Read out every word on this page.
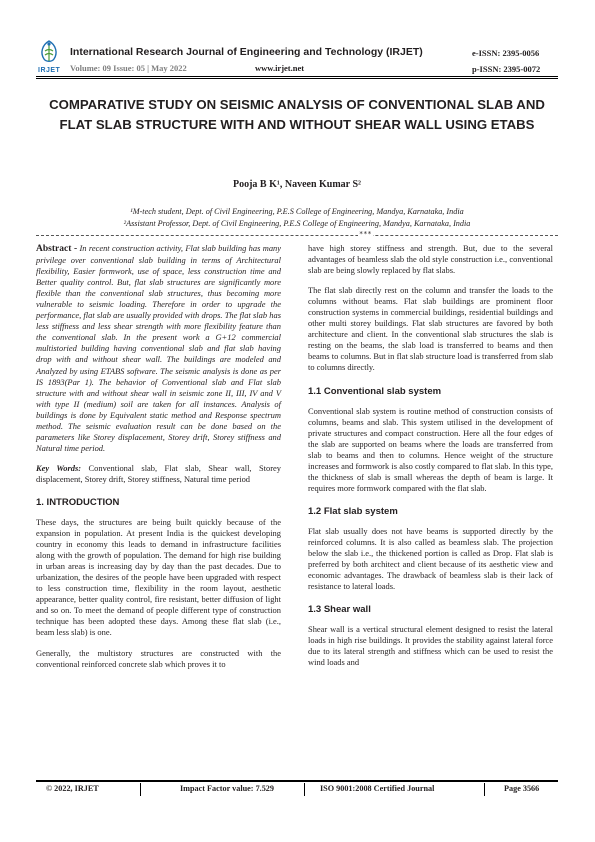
IRJET
International Research Journal of Engineering and Technology (IRJET)
Volume: 09 Issue: 05 | May 2022	www.irjet.net
e-ISSN: 2395-0056
p-ISSN: 2395-0072
COMPARATIVE STUDY ON SEISMIC ANALYSIS OF CONVENTIONAL SLAB AND FLAT SLAB STRUCTURE WITH AND WITHOUT SHEAR WALL USING ETABS
Pooja B K¹, Naveen Kumar S²
¹M-tech student, Dept. of Civil Engineering, P.E.S College of Engineering, Mandya, Karnataka, India
²Assistant Professor, Dept. of Civil Engineering, P.E.S College of Engineering, Mandya, Karnataka, India
***

Abstract - In recent construction activity, Flat slab building has many privilege over conventional slab building in terms of Architectural flexibility, Easier formwork, use of space, less construction time and Better quality control. But, flat slab structures are significantly more flexible than the conventional slab structures, thus becoming more vulnerable to seismic loading. Therefore in order to upgrade the performance, flat slab are usually provided with drops. The flat slab has less stiffness and less shear strength with more flexibility feature than the conventional slab. In the present work a G+12 commercial multistoried building having conventional slab and flat slab having drop with and without shear wall. The buildings are modeled and Analyzed by using ETABS software. The seismic analysis is done as per IS 1893(Par 1). The behavior of Conventional slab and Flat slab structure with and without shear wall in seismic zone II, III, IV and V with type II (medium) soil are taken for all instances. Analysis of buildings is done by Equivalent static method and Response spectrum method. The seismic evaluation result can be done based on the parameters like Storey displacement, Storey drift, Storey stiffness and Natural time period.

Key Words: Conventional slab, Flat slab, Shear wall, Storey displacement, Storey drift, Storey stiffness, Natural time period

1. INTRODUCTION

These days, the structures are being built quickly because of the expansion in population. At present India is the quickest developing country in economy this leads to demand in infrastructure facilities along with the growth of population. The demand for high rise building in urban areas is increasing day by day than the past decades. Due to urbanization, the desires of the people have been upgraded with respect to less construction time, flexibility in the room layout, aesthetic appearance, better quality control, fire resistant, better diffusion of light and so on. To meet the demand of people different type of construction technique has been adopted these days. Among these flat slab (i.e., beam less slab) is one.

Generally, the multistory structures are constructed with the conventional reinforced concrete slab which proves it to

have high storey stiffness and strength. But, due to the several advantages of beamless slab the old style construction i.e., conventional slab are being slowly replaced by flat slabs.

The flat slab directly rest on the column and transfer the loads to the columns without beams. Flat slab buildings are prominent floor construction systems in commercial buildings, residential buildings and other multi storey buildings. Flat slab structures are favored by both architecture and client. In the conventional slab structures the slab is resting on the beams, the slab load is transferred to beams and then beams to columns. But in flat slab structure load is transferred from slab to columns directly.

1.1 Conventional slab system

Conventional slab system is routine method of construction consists of columns, beams and slab. This system utilised in the development of private structures and compact construction. Here all the four edges of the slab are supported on beams where the loads are transferred from slab to beams and then to columns. Hence weight of the structure increases and formwork is also costly compared to flat slab. In this type, the thickness of slab is small whereas the depth of beam is large. It requires more formwork compared with the flat slab.

1.2 Flat slab system

Flat slab usually does not have beams is supported directly by the reinforced columns. It is also called as beamless slab. The projection below the slab i.e., the thickened portion is called as Drop. Flat slab is preferred by both architect and client because of its aesthetic view and economic advantages. The drawback of beamless slab is their lack of resistance to lateral loads.

1.3 Shear wall

Shear wall is a vertical structural element designed to resist the lateral loads in high rise buildings. It provides the stability against lateral force due to its lateral strength and stiffness which can be used to resist the wind loads and

© 2022, IRJET	Impact Factor value: 7.529	ISO 9001:2008 Certified Journal	Page 3566
